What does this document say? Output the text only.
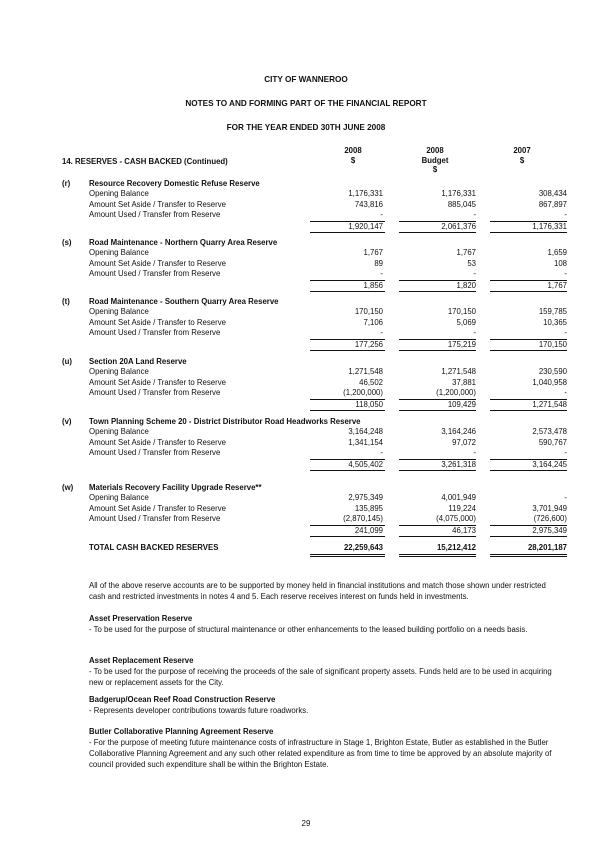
CITY OF WANNEROO
NOTES TO AND FORMING PART OF THE FINANCIAL REPORT
FOR THE YEAR ENDED 30TH JUNE 2008
2008
$
2008
Budget
$
2007
$
14. RESERVES - CASH BACKED (Continued)
(r) Resource Recovery Domestic Refuse Reserve
Opening Balance	1,176,331	1,176,331	308,434
Amount Set Aside / Transfer to Reserve	743,816	885,045	867,897
Amount Used / Transfer from Reserve	-	-	-
1,920,147	2,061,376	1,176,331
(s) Road Maintenance - Northern Quarry Area Reserve
Opening Balance	1,767	1,767	1,659
Amount Set Aside / Transfer to Reserve	89	53	108
Amount Used / Transfer from Reserve	-	-	-
1,856	1,820	1,767
(t) Road Maintenance - Southern Quarry Area Reserve
Opening Balance	170,150	170,150	159,785
Amount Set Aside / Transfer to Reserve	7,106	5,069	10,365
Amount Used / Transfer from Reserve	-	-	-
177,256	175,219	170,150
(u) Section 20A Land Reserve
Opening Balance	1,271,548	1,271,548	230,590
Amount Set Aside / Transfer to Reserve	46,502	37,881	1,040,958
Amount Used / Transfer from Reserve	(1,200,000)	(1,200,000)	-
118,050	109,429	1,271,548
(v) Town Planning Scheme 20 - District Distributor Road Headworks Reserve
Opening Balance	3,164,248	3,164,246	2,573,478
Amount Set Aside / Transfer to Reserve	1,341,154	97,072	590,767
Amount Used / Transfer from Reserve	-	-	-
4,505,402	3,261,318	3,164,245
(w) Materials Recovery Facility Upgrade Reserve**
Opening Balance	2,975,349	4,001,949	-
Amount Set Aside / Transfer to Reserve	135,895	119,224	3,701,949
Amount Used / Transfer from Reserve	(2,870,145)	(4,075,000)	(726,600)
241,099	46,173	2,975,349
TOTAL CASH BACKED RESERVES	22,259,643	15,212,412	28,201,187
All of the above reserve accounts are to be supported by money held in financial institutions and match those shown under restricted cash and restricted investments in notes 4 and 5. Each reserve receives interest on funds held in investments.
Asset Preservation Reserve
- To be used for the purpose of structural maintenance or other enhancements to the leased building portfolio on a needs basis.
Asset Replacement Reserve
- To be used for the purpose of receiving the proceeds of the sale of significant property assets. Funds held are to be used in acquiring new or replacement assets for the City.
Badgerup/Ocean Reef Road Construction Reserve
- Represents developer contributions towards future roadworks.
Butler Collaborative Planning Agreement Reserve
- For the purpose of meeting future maintenance costs of infrastructure in Stage 1, Brighton Estate, Butler as established in the Butler Collaborative Planning Agreement and any such other related expenditure as from time to time be approved by an absolute majority of council provided such expenditure shall be within the Brighton Estate.
29
